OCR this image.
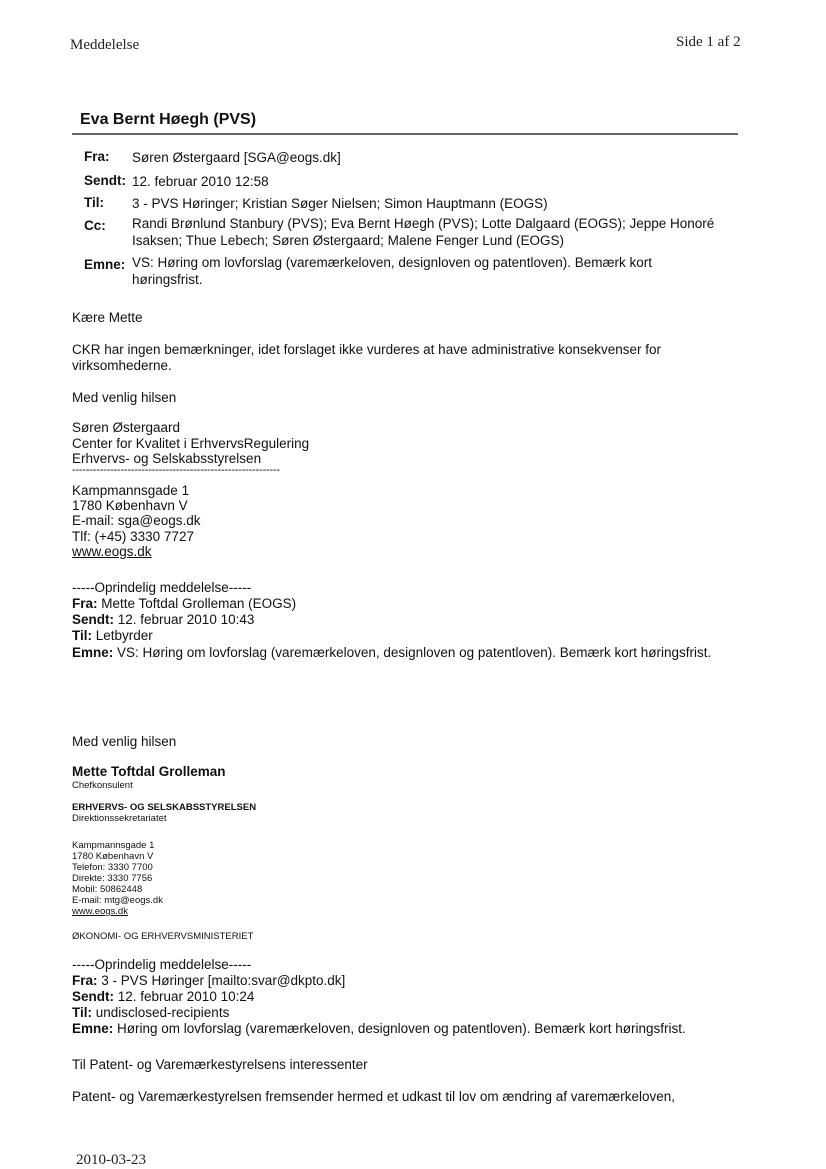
Meddelelse	Side 1 af 2
Eva Bernt Høegh (PVS)
Fra: Søren Østergaard [SGA@eogs.dk]
Sendt: 12. februar 2010 12:58
Til: 3 - PVS Høringer; Kristian Søger Nielsen; Simon Hauptmann (EOGS)
Cc: Randi Brønlund Stanbury (PVS); Eva Bernt Høegh (PVS); Lotte Dalgaard (EOGS); Jeppe Honoré Isaksen; Thue Lebech; Søren Østergaard; Malene Fenger Lund (EOGS)
Emne: VS: Høring om lovforslag (varemærkeloven, designloven og patentloven). Bemærk kort høringsfrist.
Kære Mette
CKR har ingen bemærkninger, idet forslaget ikke vurderes at have administrative konsekvenser for
virksomhederne.
Med venlig hilsen
Søren Østergaard
Center for Kvalitet i ErhvervsRegulering
Erhvervs- og Selskabsstyrelsen
------------------------------------------------------------
Kampmannsgade 1
1780 København V
E-mail: sga@eogs.dk
Tlf: (+45) 3330 7727
www.eogs.dk
-----Oprindelig meddelelse-----
Fra: Mette Toftdal Grolleman (EOGS)
Sendt: 12. februar 2010 10:43
Til: Letbyrder
Emne: VS: Høring om lovforslag (varemærkeloven, designloven og patentloven). Bemærk kort høringsfrist.
Med venlig hilsen
Mette Toftdal Grolleman
Chefkonsulent
ERHVERVS- OG SELSKABSSTYRELSEN
Direktionssekretariatet
Kampmannsgade 1
1780 København V
Telefon: 3330 7700
Direkte: 3330 7756
Mobil: 50862448
E-mail: mtg@eogs.dk
www.eogs.dk
ØKONOMI- OG ERHVERVSMINISTERIET
-----Oprindelig meddelelse-----
Fra: 3 - PVS Høringer [mailto:svar@dkpto.dk]
Sendt: 12. februar 2010 10:24
Til: undisclosed-recipients
Emne: Høring om lovforslag (varemærkeloven, designloven og patentloven). Bemærk kort høringsfrist.
Til Patent- og Varemærkestyrelsens interessenter
Patent- og Varemærkestyrelsen fremsender hermed et udkast til lov om ændring af varemærkeloven,
2010-03-23
